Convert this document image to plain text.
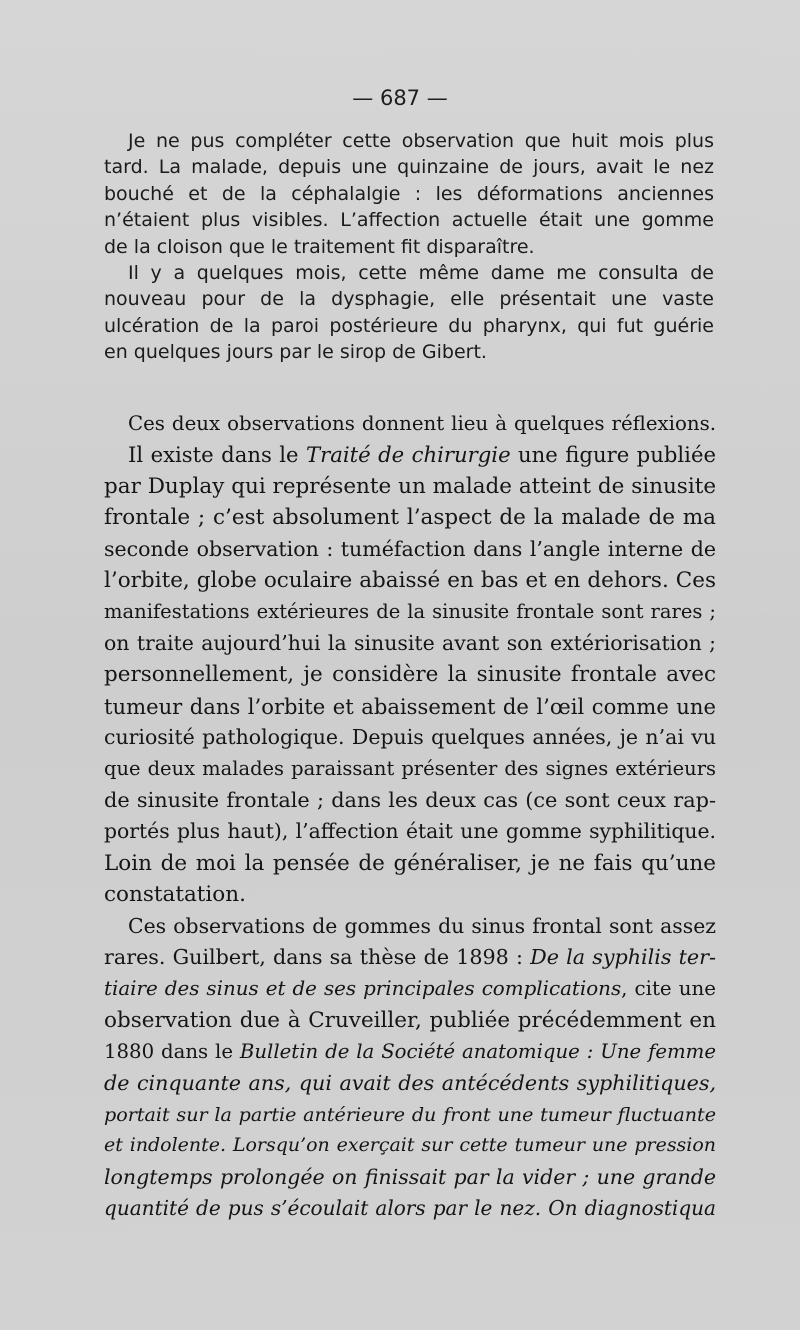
— 687 —

Je ne pus compléter cette observation que huit mois plus
tard. La malade, depuis une quinzaine de jours, avait le nez
bouché et de la céphalalgie : les déformations anciennes
n’étaient plus visibles. L’affection actuelle était une gomme
de la cloison que le traitement fit disparaître.

Il y a quelques mois, cette même dame me consulta de
nouveau pour de la dysphagie, elle présentait une vaste
ulcération de la paroi postérieure du pharynx, qui fut guérie
en quelques jours par le sirop de Gibert.

Ces deux observations donnent lieu à quelques réflexions.
Il existe dans le Traité de chirurgie une figure publiée
par Duplay qui représente un malade atteint de sinusite
frontale ; c’est absolument l’aspect de la malade de ma
seconde observation : tuméfaction dans l’angle interne de
l’orbite, globe oculaire abaissé en bas et en dehors. Ces
manifestations extérieures de la sinusite frontale sont rares ;
on traite aujourd’hui la sinusite avant son extériorisation ;
personnellement, je considère la sinusite frontale avec
tumeur dans l’orbite et abaissement de l’œil comme une
curiosité pathologique. Depuis quelques années, je n’ai vu
que deux malades paraissant présenter des signes extérieurs
de sinusite frontale ; dans les deux cas (ce sont ceux rap-
portés plus haut), l’affection était une gomme syphilitique.
Loin de moi la pensée de généraliser, je ne fais qu’une
constatation.

Ces observations de gommes du sinus frontal sont assez
rares. Guilbert, dans sa thèse de 1898 : De la syphilis ter-
tiaire des sinus et de ses principales complications, cite une
observation due à Cruveiller, publiée précédemment en
1880 dans le Bulletin de la Société anatomique : Une femme
de cinquante ans, qui avait des antécédents syphilitiques,
portait sur la partie antérieure du front une tumeur fluctuante
et indolente. Lorsqu’on exerçait sur cette tumeur une pression
longtemps prolongée on finissait par la vider ; une grande
quantité de pus s’écoulait alors par le nez. On diagnostiqua
